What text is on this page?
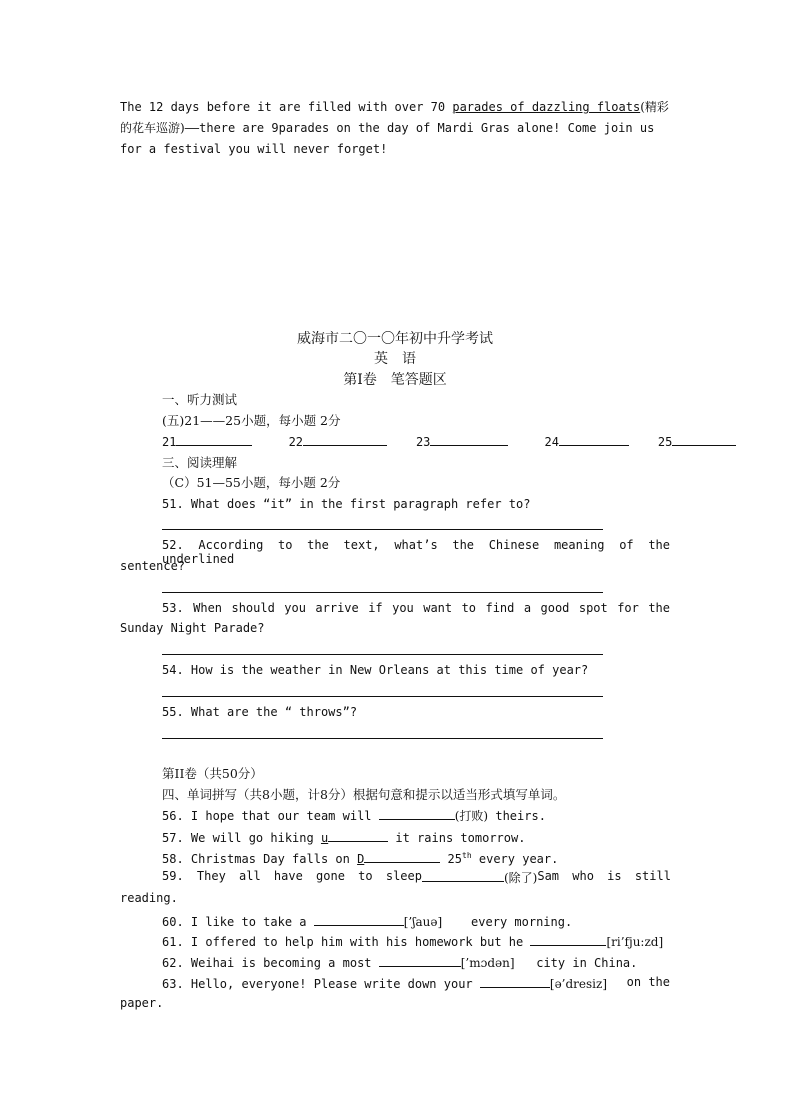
The 12 days before it are filled with over 70 parades of dazzling floats(精彩的花车巡游)——there are 9parades on the day of Mardi Gras alone! Come join us for a festival you will never forget!
威海市二〇一〇年初中升学考试
英　语
第Ⅰ卷　笔答题区
一、听力测试
(五)21——25小题，每小题 2分
21	22	23	24	25
三、阅读理解
（C）51—55小题，每小题 2分
51. What does “it” in the first paragraph refer to?
52. According to the text, what’s the Chinese meaning of the underlined
sentence?
53. When should you arrive if you want to find a good spot for the
Sunday Night Parade?
54. How is the weather in New Orleans at this time of year?
55. What are the “ throws”?
第II卷（共50分）
四、单词拼写（共8小题，计8分）根据句意和提示以适当形式填写单词。
56. I hope that our team will	(打败) theirs.
57. We will go hiking u	it rains tomorrow.
58. Christmas Day falls on D	25th every year.
59. They all have gone to sleep	(除了) Sam who is still
reading.
60. I like to take a	[’ʃauə] every morning.
61. I offered to help him with his homework but he	[ri’fju:zd]
62. Weihai is becoming a most	[’mɔdən] city in China.
63. Hello, everyone! Please write down your	[ə’dresiz] on the
paper.
